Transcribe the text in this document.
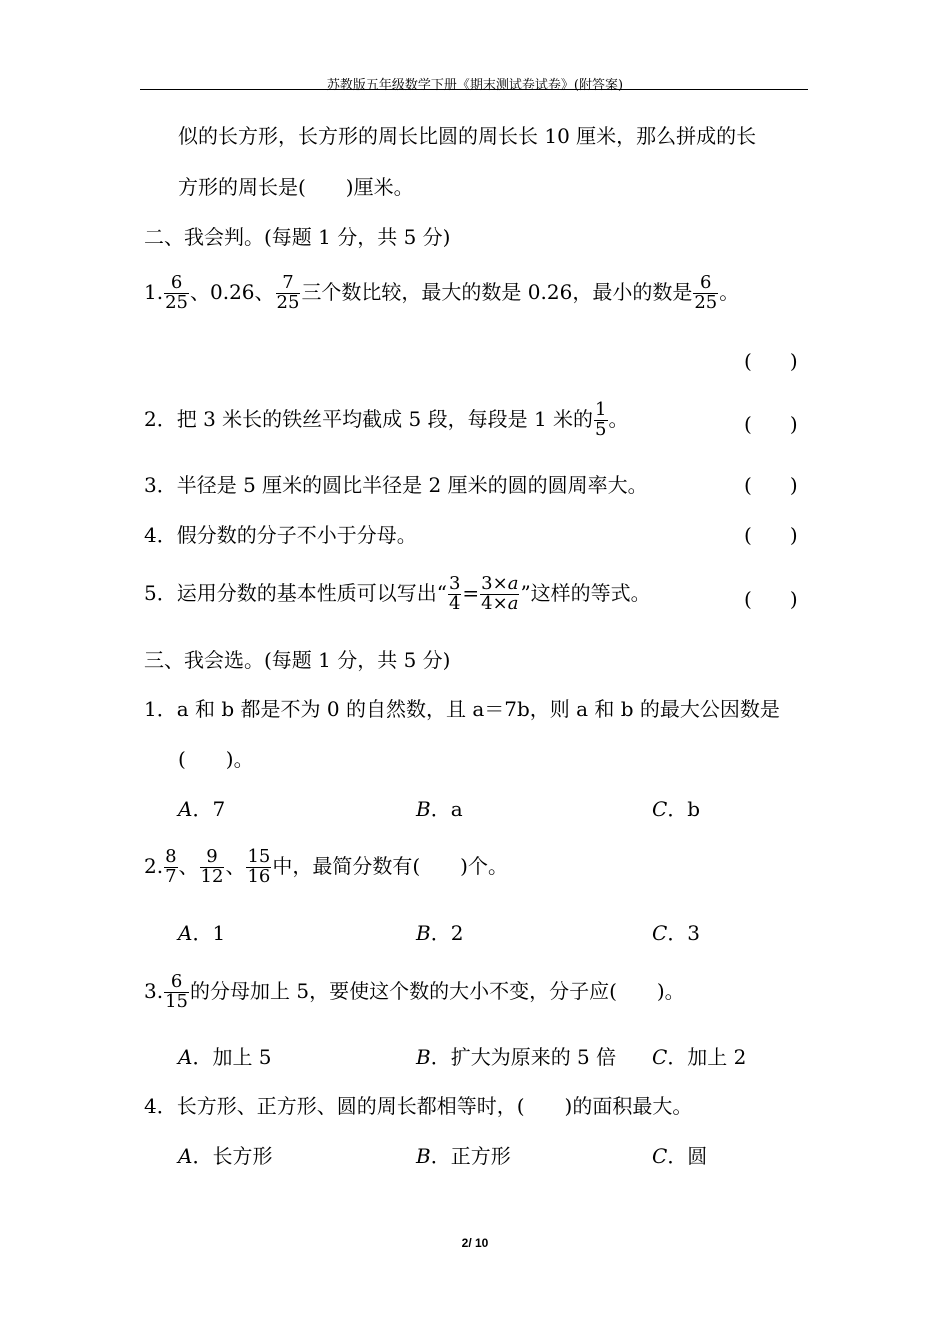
苏教版五年级数学下册《期末测试卷试卷》(附答案)
似的长方形，长方形的周长比圆的周长长 10 厘米，那么拼成的长
方形的周长是(　　)厘米。
二、我会判。(每题 1 分，共 5 分)
1. $\frac{6}{25}$ 、0.26、 $\frac{7}{25}$ 三个数比较，最大的数是 0.26，最小的数是 $\frac{6}{25}$ 。
( )
2．把 3 米长的铁丝平均截成 5 段，每段是 1 米的 $\frac{1}{5}$ 。	( )
3．半径是 5 厘米的圆比半径是 2 厘米的圆的圆周率大。	( )
4．假分数的分子不小于分母。	( )
5．运用分数的基本性质可以写出“ $\frac{3}{4} = \frac{3\times a}{4\times a}$ ”这样的等式。	( )
三、我会选。(每题 1 分，共 5 分)
1．a 和 b 都是不为 0 的自然数，且 a＝7b，则 a 和 b 的最大公因数是
(　　)。
A．7	B．a	C．b
2. $\frac{8}{7}$ 、 $\frac{9}{12}$ 、 $\frac{15}{16}$ 中，最简分数有(　　)个。
A．1	B．2	C．3
3. $\frac{6}{15}$ 的分母加上 5，要使这个数的大小不变，分子应(　　)。
A．加上 5	B．扩大为原来的 5 倍 C．加上 2
4．长方形、正方形、圆的周长都相等时，(　　)的面积最大。
A．长方形	B．正方形	C．圆
2/ 10
